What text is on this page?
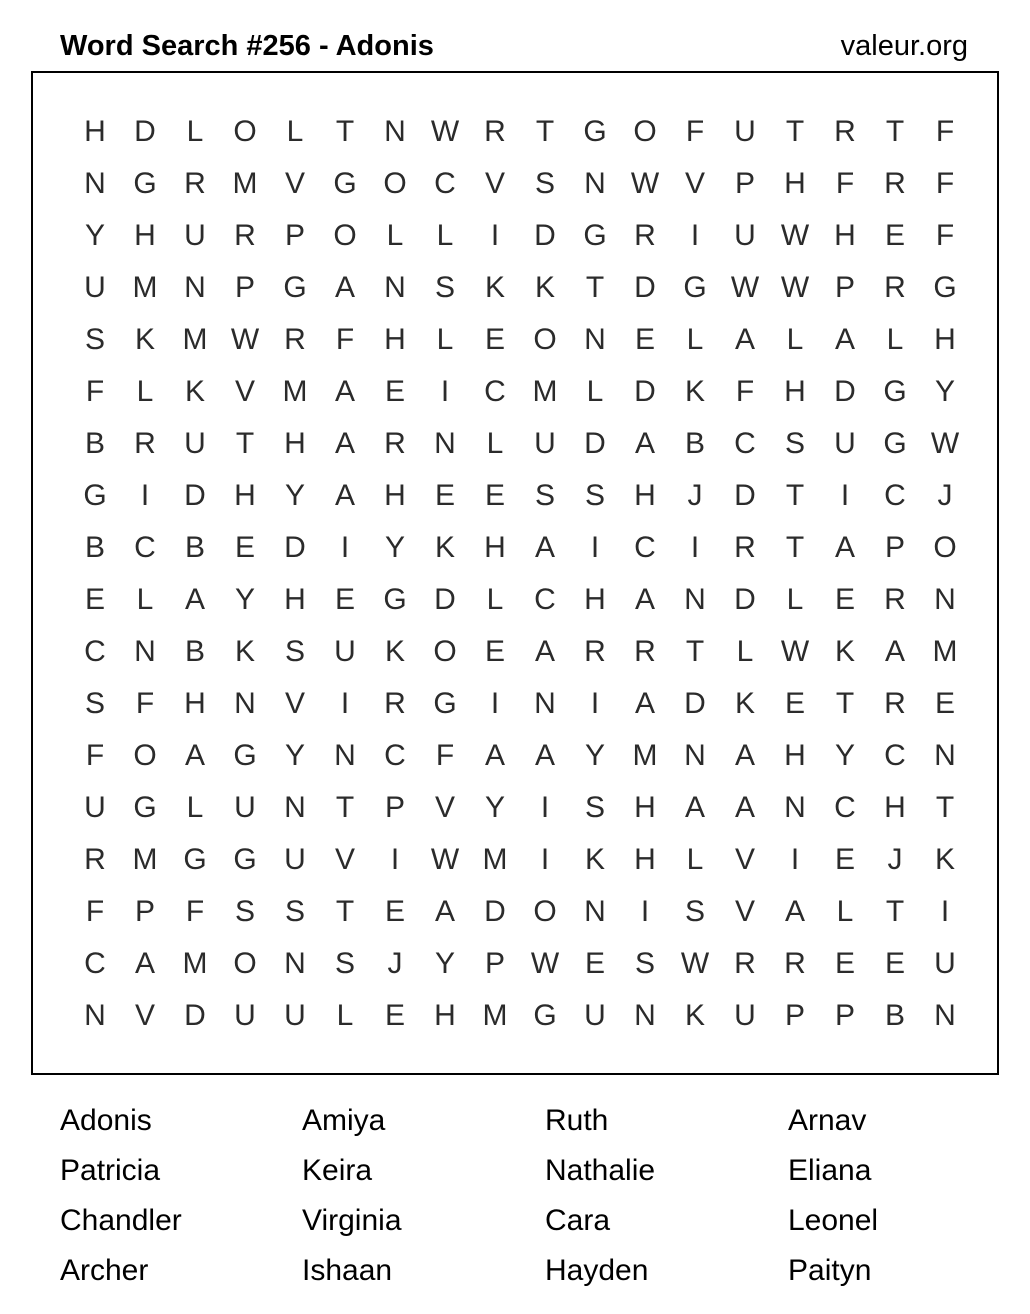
Word Search #256 - Adonis	valeur.org
H D	L O L	T	N W R	T G O F	U	T	R	T	F
N G R M V G O C V S N W V P H	F	R	F
Y H U R P O L	L	I	D G R	I	U W H E	F
U M N P G A N S K K	T	D G W W P R G
S K M W R	F	H	L	E O N E	L	A	L	A	L	H
F	L	K V M A E	I	C M L	D K	F	H D G Y
B R U	T	H A R N	L	U D A B C S U G W
G	I	D H Y A H E E S S H	J	D	T	I	C	J
B C B E D	I	Y K H A	I	C	I	R	T	A P O
E	L	A Y H E G D	L	C H A N D	L	E R N
C N B K S U K O E A R R	T	L W K A M
S	F	H N V	I	R G	I	N	I	A D K E	T	R E
F O A G Y N C	F	A A Y M N A H Y C N
U G L	U N	T	P V Y	I	S H A A N C H	T
R M G G U V	I	W M	I	K H	L	V	I	E	J	K
F	P	F	S S	T	E A D O N	I	S V A	L	T	I
C A M O N S	J	Y P W E S W R R E E U
N V D U U	L	E H M G U N K U P P B N
Adonis	Amiya	Ruth	Arnav
Patricia	Keira	Nathalie	Eliana
Chandler	Virginia	Cara	Leonel
Archer	Ishaan	Hayden	Paityn
